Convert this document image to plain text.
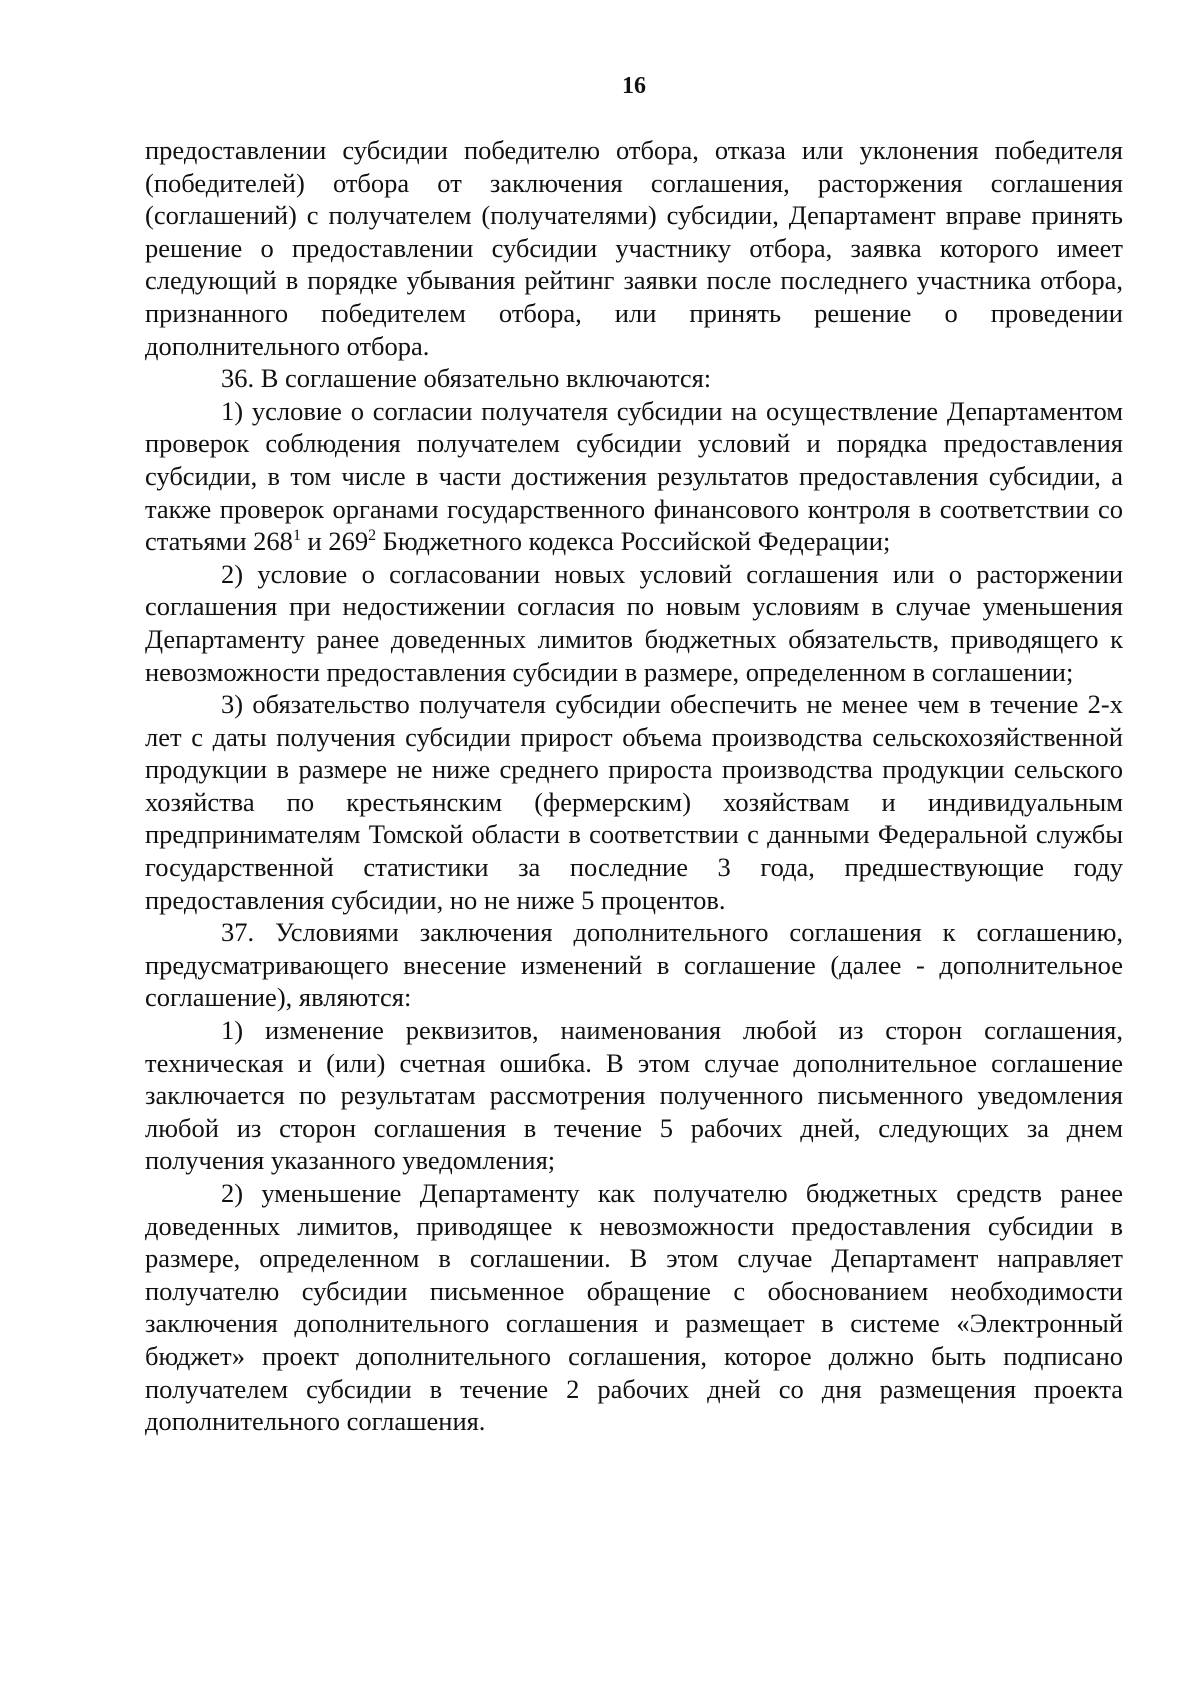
16

предоставлении субсидии победителю отбора, отказа или уклонения победителя (победителей) отбора от заключения соглашения, расторжения соглашения (соглашений) с получателем (получателями) субсидии, Департамент вправе принять решение о предоставлении субсидии участнику отбора, заявка которого имеет следующий в порядке убывания рейтинг заявки после последнего участника отбора, признанного победителем отбора, или принять решение о проведении дополнительного отбора.

36. В соглашение обязательно включаются:

1) условие о согласии получателя субсидии на осуществление Департаментом проверок соблюдения получателем субсидии условий и порядка предоставления субсидии, в том числе в части достижения результатов предоставления субсидии, а также проверок органами государственного финансового контроля в соответствии со статьями $268^1$ и $269^2$ Бюджетного кодекса Российской Федерации;

2) условие о согласовании новых условий соглашения или о расторжении соглашения при недостижении согласия по новым условиям в случае уменьшения Департаменту ранее доведенных лимитов бюджетных обязательств, приводящего к невозможности предоставления субсидии в размере, определенном в соглашении;

3) обязательство получателя субсидии обеспечить не менее чем в течение 2-х лет с даты получения субсидии прирост объема производства сельскохозяйственной продукции в размере не ниже среднего прироста производства продукции сельского хозяйства по крестьянским (фермерским) хозяйствам и индивидуальным предпринимателям Томской области в соответствии с данными Федеральной службы государственной статистики за последние 3 года, предшествующие году предоставления субсидии, но не ниже 5 процентов.

37. Условиями заключения дополнительного соглашения к соглашению, предусматривающего внесение изменений в соглашение (далее - дополнительное соглашение), являются:

1) изменение реквизитов, наименования любой из сторон соглашения, техническая и (или) счетная ошибка. В этом случае дополнительное соглашение заключается по результатам рассмотрения полученного письменного уведомления любой из сторон соглашения в течение 5 рабочих дней, следующих за днем получения указанного уведомления;

2) уменьшение Департаменту как получателю бюджетных средств ранее доведенных лимитов, приводящее к невозможности предоставления субсидии в размере, определенном в соглашении. В этом случае Департамент направляет получателю субсидии письменное обращение с обоснованием необходимости заключения дополнительного соглашения и размещает в системе «Электронный бюджет» проект дополнительного соглашения, которое должно быть подписано получателем субсидии в течение 2 рабочих дней со дня размещения проекта дополнительного соглашения.
